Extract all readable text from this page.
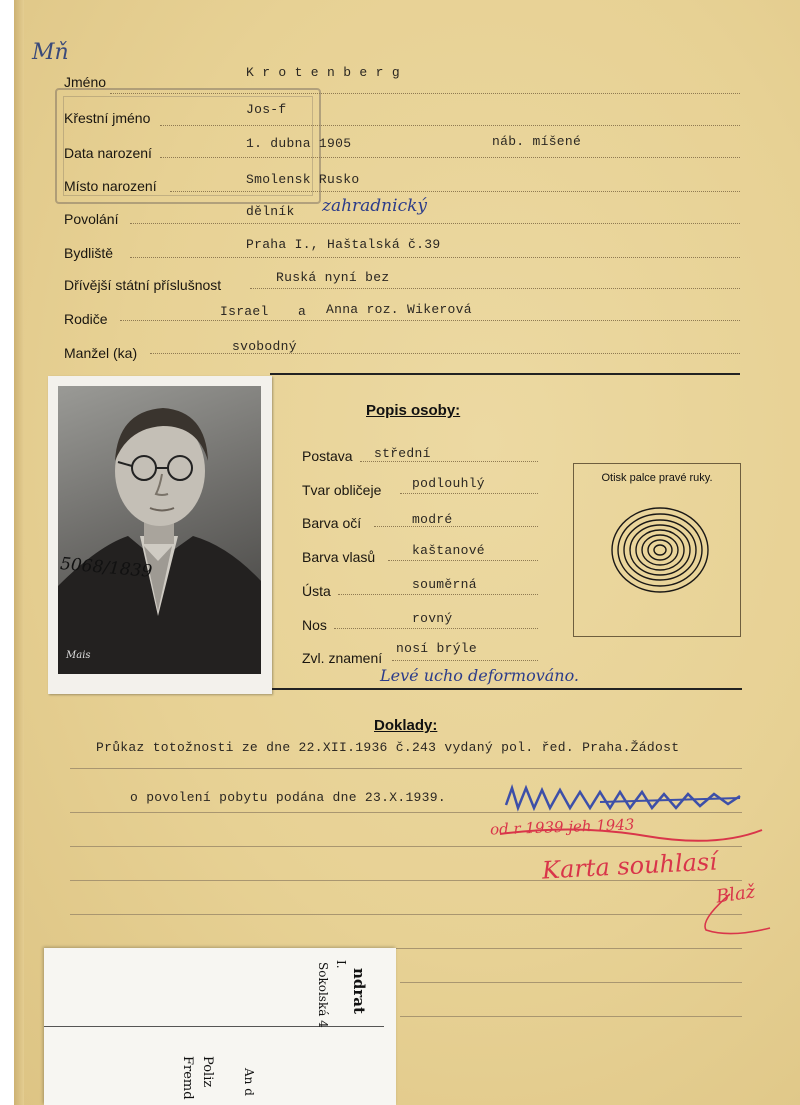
Mň
Jméno
K r o t e n b e r g
Křestní jméno
Jos-f
Data narození
1. dubna 1905	náb. míšené
Místo narození	Smolensk Rusko
Povolání	dělník zahradnický
Bydliště
Praha I., Haštalská č.39
Dřívější státní příslušnost	Ruská nyní bez
Rodiče	Israel a Anna roz. Wikerová
Manžel (ka)	svobodný
5068/1839
Mais
Popis osoby:
Postava střední
Tvar obličeje podlouhlý
Barva očí	modré
Barva vlasů	kaštanové
Ústa	souměrná
Nos	rovný
Zvl. znamení
nosí brýle
Levé ucho deformováno.
Otisk palce pravé ruky.
Doklady:
Průkaz totožnosti ze dne 22.XII.1936 č.243 vydaný pol. řed. Praha.Žádost
o povolení pobytu podána dne 23.X.1939.
od r 1939 jeh 1943
Karta souhlasí
Blaž
ndrat
I.
Sokolská 4
An d
Poliz
Fremd
